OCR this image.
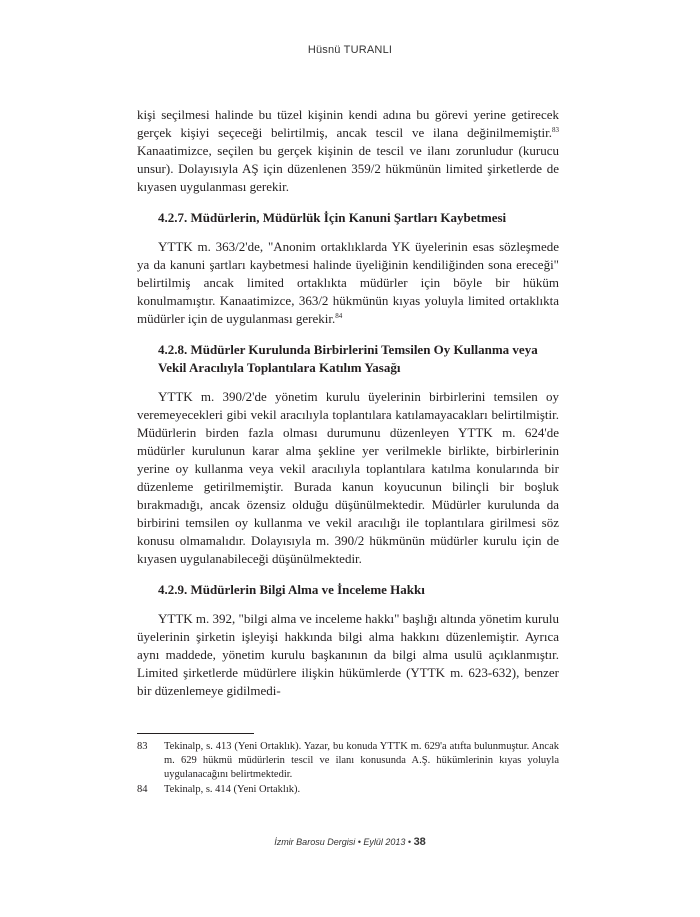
Hüsnü TURANLI

kişi seçilmesi halinde bu tüzel kişinin kendi adına bu görevi yerine getirecek gerçek kişiyi seçeceği belirtilmiş, ancak tescil ve ilana değinilmemiştir.$^{83}$ Kanaatimizce, seçilen bu gerçek kişinin de tescil ve ilanı zorunludur (kurucu unsur). Dolayısıyla AŞ için düzenlenen 359/2 hükmünün limited şirketlerde de kıyasen uygulanması gerekir.

4.2.7. Müdürlerin, Müdürlük İçin Kanuni Şartları Kaybetmesi

YTTK m. 363/2'de, "Anonim ortaklıklarda YK üyelerinin esas sözleşmede ya da kanuni şartları kaybetmesi halinde üyeliğinin kendiliğinden sona ereceği" belirtilmiş ancak limited ortaklıkta müdürler için böyle bir hüküm konulmamıştır. Kanaatimizce, 363/2 hükmünün kıyas yoluyla limited ortaklıkta müdürler için de uygulanması gerekir.$^{84}$

4.2.8. Müdürler Kurulunda Birbirlerini Temsilen Oy Kullanma veya Vekil Aracılıyla Toplantılara Katılım Yasağı

YTTK m. 390/2'de yönetim kurulu üyelerinin birbirlerini temsilen oy veremeyecekleri gibi vekil aracılıyla toplantılara katılamayacakları belirtilmiştir. Müdürlerin birden fazla olması durumunu düzenleyen YTTK m. 624'de müdürler kurulunun karar alma şekline yer verilmekle birlikte, birbirlerinin yerine oy kullanma veya vekil aracılıyla toplantılara katılma konularında bir düzenleme getirilmemiştir. Burada kanun koyucunun bilinçli bir boşluk bırakmadığı, ancak özensiz olduğu düşünülmektedir. Müdürler kurulunda da birbirini temsilen oy kullanma ve vekil aracılığı ile toplantılara girilmesi söz konusu olmamalıdır. Dolayısıyla m. 390/2 hükmünün müdürler kurulu için de kıyasen uygulanabileceği düşünülmektedir.

4.2.9. Müdürlerin Bilgi Alma ve İnceleme Hakkı

YTTK m. 392, "bilgi alma ve inceleme hakkı" başlığı altında yönetim kurulu üyelerinin şirketin işleyişi hakkında bilgi alma hakkını düzenlemiştir. Ayrıca aynı maddede, yönetim kurulu başkanının da bilgi alma usulü açıklanmıştır. Limited şirketlerde müdürlere ilişkin hükümlerde (YTTK m. 623-632), benzer bir düzenlemeye gidilmedi-

83	Tekinalp, s. 413 (Yeni Ortaklık). Yazar, bu konuda YTTK m. 629'a atıfta bulunmuştur. Ancak m. 629 hükmü müdürlerin tescil ve ilanı konusunda A.Ş. hükümlerinin kıyas yoluyla uygulanacağını belirtmektedir.
84	Tekinalp, s. 414 (Yeni Ortaklık).
İzmir Barosu Dergisi • Eylül 2013 • 38
